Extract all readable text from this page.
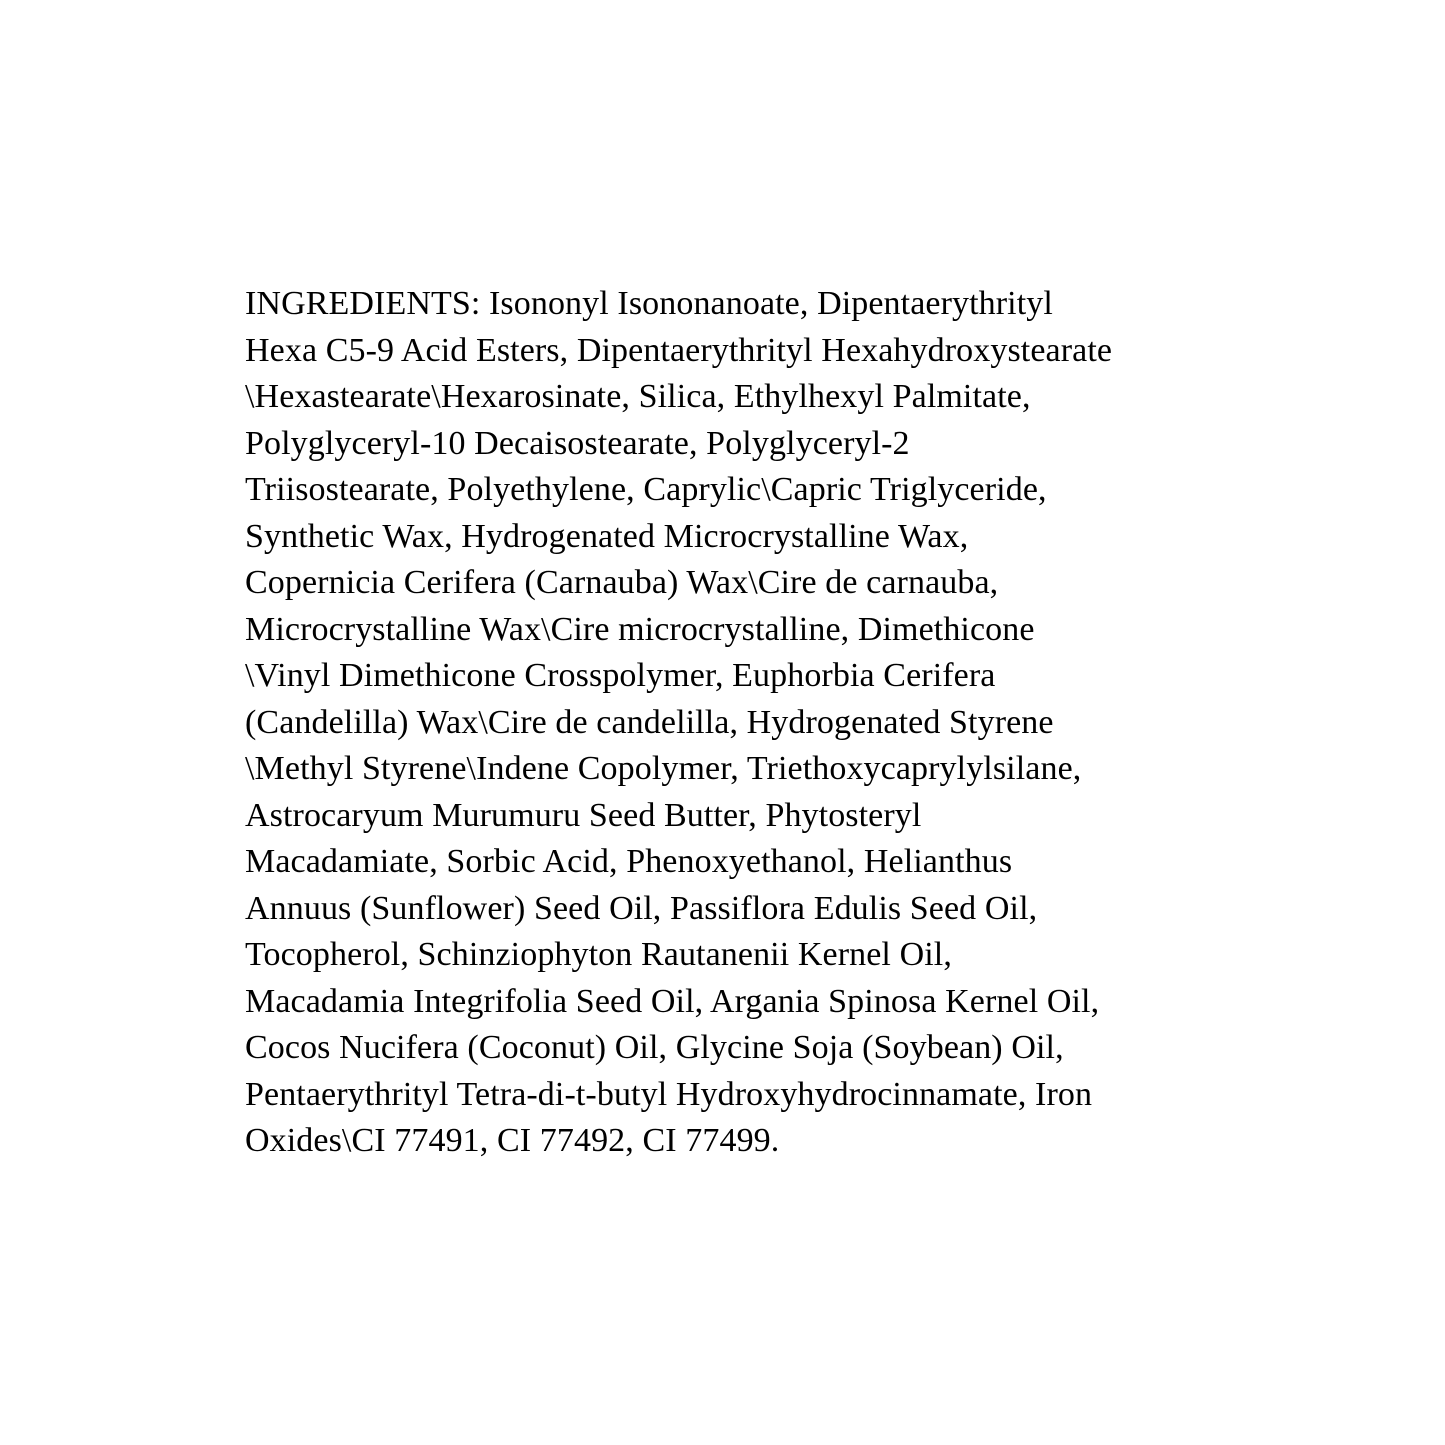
INGREDIENTS: Isononyl Isononanoate, Dipentaerythrityl
Hexa C5-9 Acid Esters, Dipentaerythrityl Hexahydroxystearate
\Hexastearate\Hexarosinate, Silica, Ethylhexyl Palmitate,
Polyglyceryl-10 Decaisostearate, Polyglyceryl-2
Triisostearate, Polyethylene, Caprylic\Capric Triglyceride,
Synthetic Wax, Hydrogenated Microcrystalline Wax,
Copernicia Cerifera (Carnauba) Wax\Cire de carnauba,
Microcrystalline Wax\Cire microcrystalline, Dimethicone
\Vinyl Dimethicone Crosspolymer, Euphorbia Cerifera
(Candelilla) Wax\Cire de candelilla, Hydrogenated Styrene
\Methyl Styrene\Indene Copolymer, Triethoxycaprylylsilane,
Astrocaryum Murumuru Seed Butter, Phytosteryl
Macadamiate, Sorbic Acid, Phenoxyethanol, Helianthus
Annuus (Sunflower) Seed Oil, Passiflora Edulis Seed Oil,
Tocopherol, Schinziophyton Rautanenii Kernel Oil,
Macadamia Integrifolia Seed Oil, Argania Spinosa Kernel Oil,
Cocos Nucifera (Coconut) Oil, Glycine Soja (Soybean) Oil,
Pentaerythrityl Tetra-di-t-butyl Hydroxyhydrocinnamate, Iron
Oxides\CI 77491, CI 77492, CI 77499.
